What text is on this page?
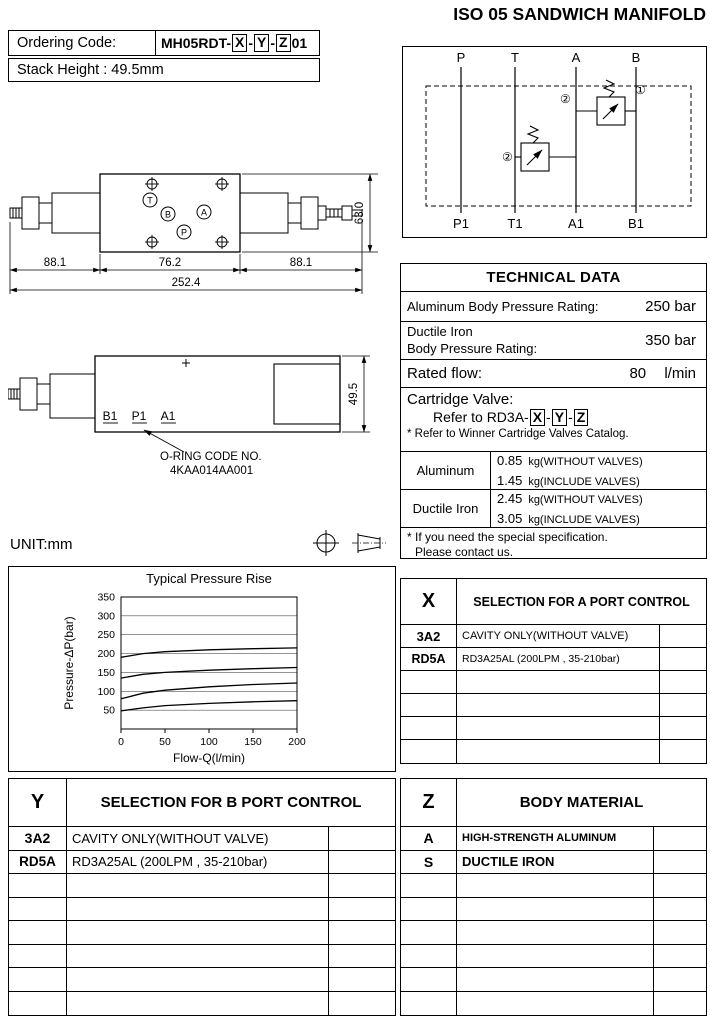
ISO 05 SANDWICH MANIFOLD
Ordering Code:	MH05RDT- X - Y - Z 01
Stack Height : 49.5mm
P	T	A	B
P1	T1	A1	B1
①
②
②
T
B	A
P
63.0
88.1	76.2	88.1
252.4
B1 P1 A1
49.5
O-RING CODE NO.
4KAA014AA001
UNIT:mm
Typical Pressure Rise
50
100
150
200
250
300
350
0	50	100	150	200
Flow-Q(l/min)
Pressure-ΔP(bar)
TECHNICAL DATA
Aluminum Body Pressure Rating:	250 bar
Ductile Iron
Body Pressure Rating:	350 bar
Rated flow:	80 l/min
Cartridge Valve:
Refer to RD3A- X - Y - Z
* Refer to Winner Cartridge Valves Catalog.
Aluminum
0.85 kg(WITHOUT VALVES)
1.45 kg(INCLUDE VALVES)
Ductile Iron
2.45 kg(WITHOUT VALVES)
3.05 kg(INCLUDE VALVES)
* If you need the special specification.
Please contact us.
X	SELECTION FOR A PORT CONTROL
3A2	CAVITY ONLY(WITHOUT VALVE)
RD5A	RD3A25AL (200LPM , 35-210bar)
Y	SELECTION FOR B PORT CONTROL
3A2	CAVITY ONLY(WITHOUT VALVE)
RD5A	RD3A25AL (200LPM , 35-210bar)
Z	BODY MATERIAL
A	HIGH-STRENGTH ALUMINUM
S	DUCTILE IRON
